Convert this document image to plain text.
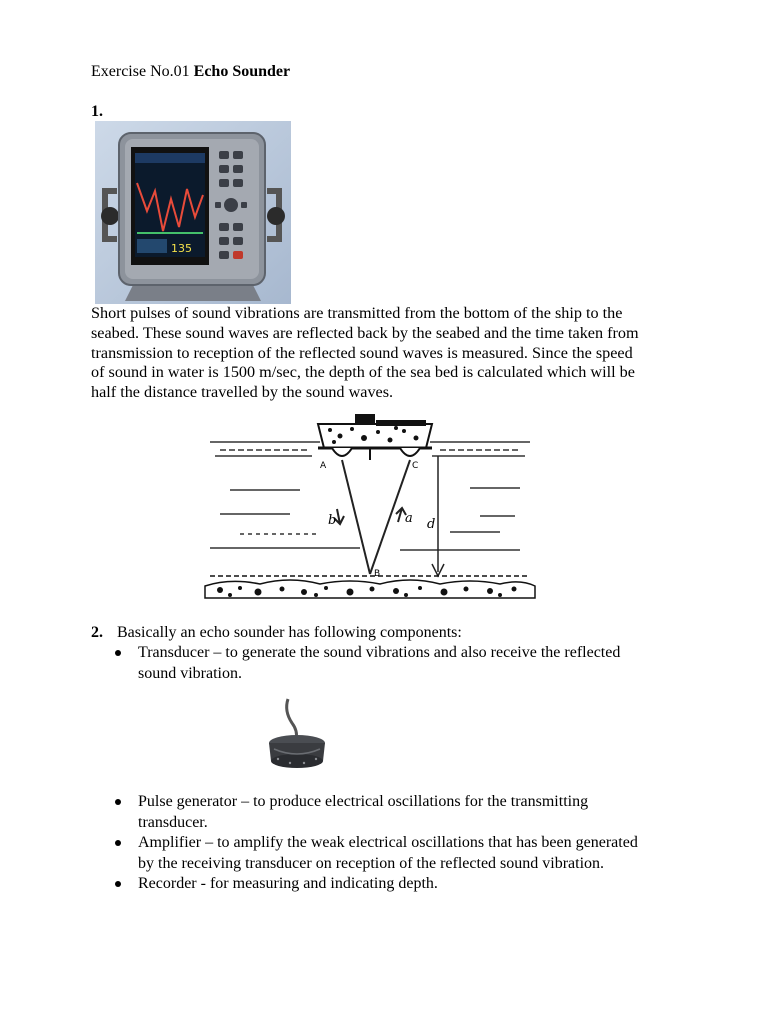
Exercise No.01 Echo Sounder
1.
135
Short pulses of sound vibrations are transmitted from the bottom of the ship to the
seabed. These sound waves are reflected back by the seabed and the time taken from
transmission to reception of the reflected sound waves is measured. Since the speed
of sound in water is 1500 m/sec, the depth of the sea bed is calculated which will be
half the distance travelled by the sound waves.
A	C
B
b	a d
2. Basically an echo sounder has following components:
Transducer – to generate the sound vibrations and also receive the reflected
sound vibration.
Pulse generator – to produce electrical oscillations for the transmitting
transducer.
Amplifier – to amplify the weak electrical oscillations that has been generated
by the receiving transducer on reception of the reflected sound vibration.
Recorder - for measuring and indicating depth.
